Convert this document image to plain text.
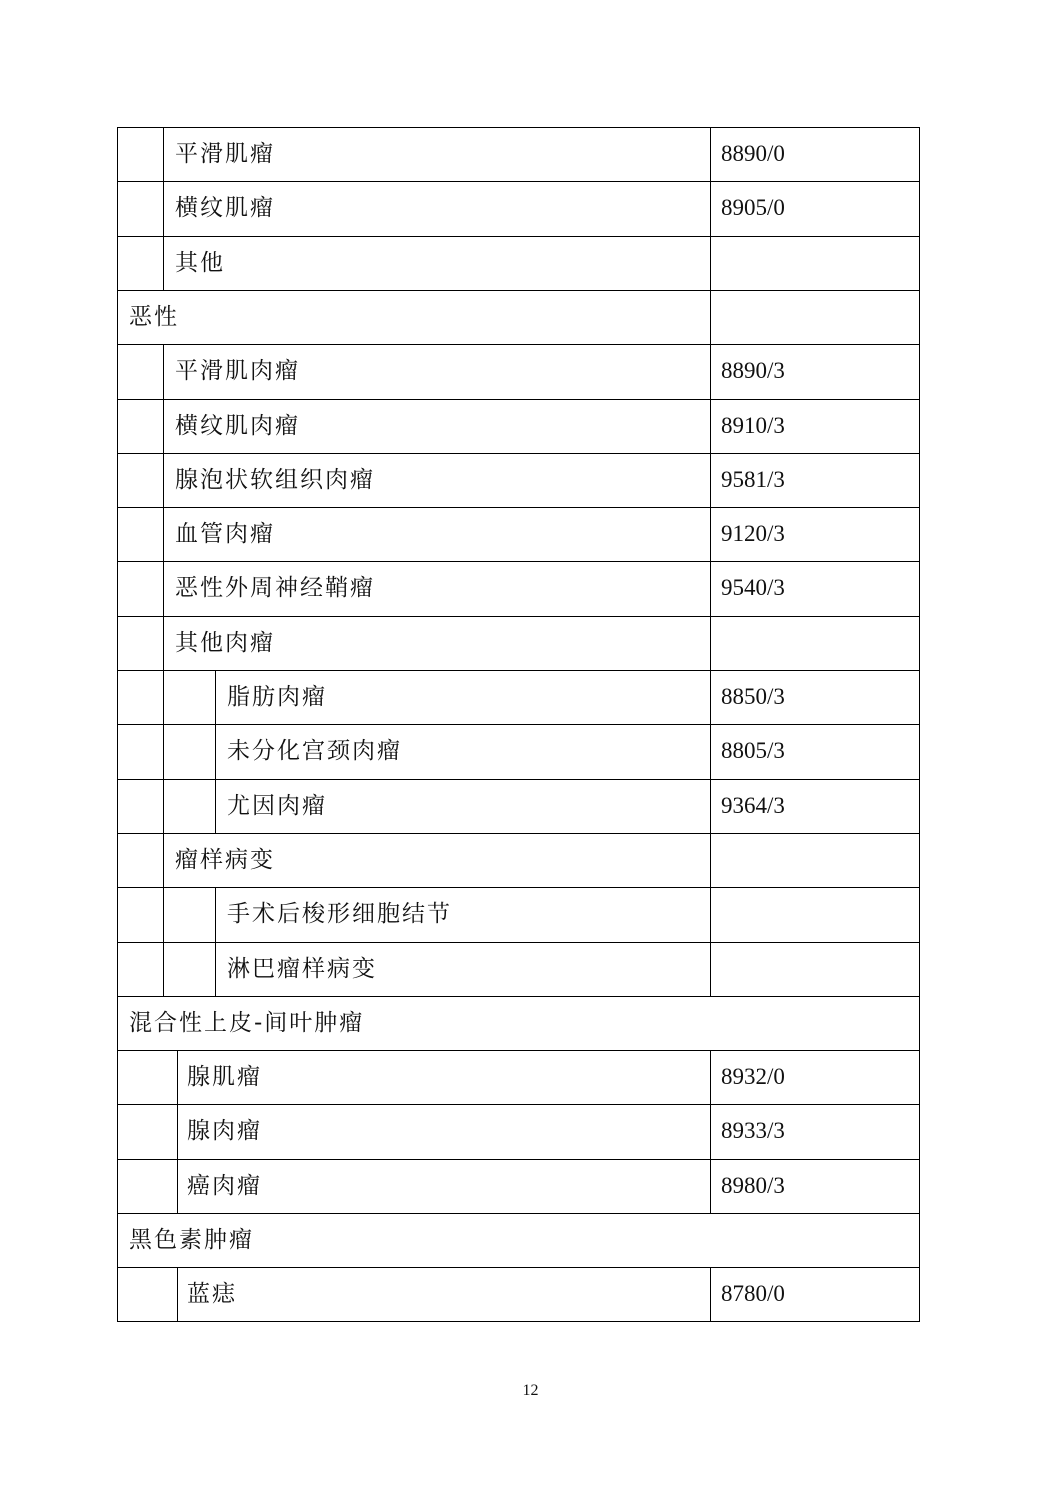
平滑肌瘤	8890/0
横纹肌瘤	8905/0
其他
恶性
平滑肌肉瘤	8890/3
横纹肌肉瘤	8910/3
腺泡状软组织肉瘤	9581/3
血管肉瘤	9120/3
恶性外周神经鞘瘤	9540/3
其他肉瘤
脂肪肉瘤	8850/3
未分化宫颈肉瘤	8805/3
尤因肉瘤	9364/3
瘤样病变
手术后梭形细胞结节
淋巴瘤样病变
混合性上皮-间叶肿瘤
腺肌瘤	8932/0
腺肉瘤	8933/3
癌肉瘤	8980/3
黑色素肿瘤
蓝痣	8780/0
12
